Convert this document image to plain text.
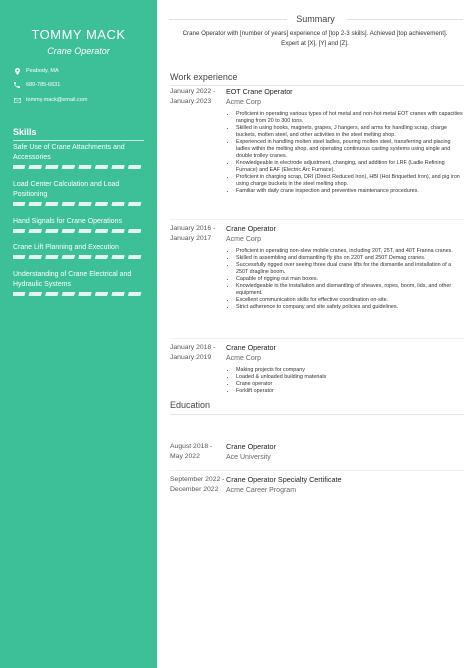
TOMMY MACK
Crane Operator
Peabody, MA
680-785-6631
tommy.mack@email.com
Skills
Safe Use of Crane Attachments and Accessories
Load Center Calculation and Load Positioning
Hand Signals for Crane Operations
Crane Lift Planning and Execution
Understanding of Crane Electrical and Hydraulic Systems
Summary
Crane Operator with [number of years] experience of [top 2-3 skills]. Achieved [top achievement]. Expert at [X], [Y] and [Z].
Work experience
January 2022 - January 2023
EOT Crane Operator
Acme Corp
• Proficient in operating various types of hot metal and non-hot metal EOT cranes with capacities ranging from 20 to 300 tons.
• Skilled in using hooks, magnets, grapes, J hangers, and arms for handling scrap, charge buckets, molten steel, and other activities in the steel melting shop.
• Experienced in handling molten steel ladles, pouring molten steel, transferring and placing ladles within the melting shop, and operating continuous casting systems using single and double trolley cranes.
• Knowledgeable in electrode adjustment, changing, and addition for LRF (Ladle Refining Furnace) and EAF (Electric Arc Furnace).
• Proficient in charging scrap, DRI (Direct Reduced Iron), HBI (Hot Briquetted Iron), and pig iron using charge buckets in the steel melting shop.
• Familiar with daily crane inspection and preventive maintenance procedures.
January 2016 - January 2017
Crane Operator
Acme Corp
• Proficient in operating non-slew mobile cranes, including 20T, 25T, and 40T Franna cranes.
• Skilled in assembling and dismantling fly jibs on 220T and 250T Demag cranes.
• Successfully rigged over seeing three dual crane lifts for the dismantle and installation of a 250T dragline boom.
• Capable of rigging out man boxes.
• Knowledgeable in the installation and dismantling of sheaves, ropes, boom, lids, and other equipment.
• Excellent communication skills for effective coordination on-site.
• Strict adherence to company and site safety policies and guidelines.
January 2018 - January 2019
Crane Operator
Acme Corp
• Making projects for company
• Loaded & unloaded building materials
• Crane operator
• Forklift operator
Education
August 2018 - May 2022
Crane Operator
Ace University
September 2022 - December 2022
Crane Operator Specialty Certificate
Acme Career Program
